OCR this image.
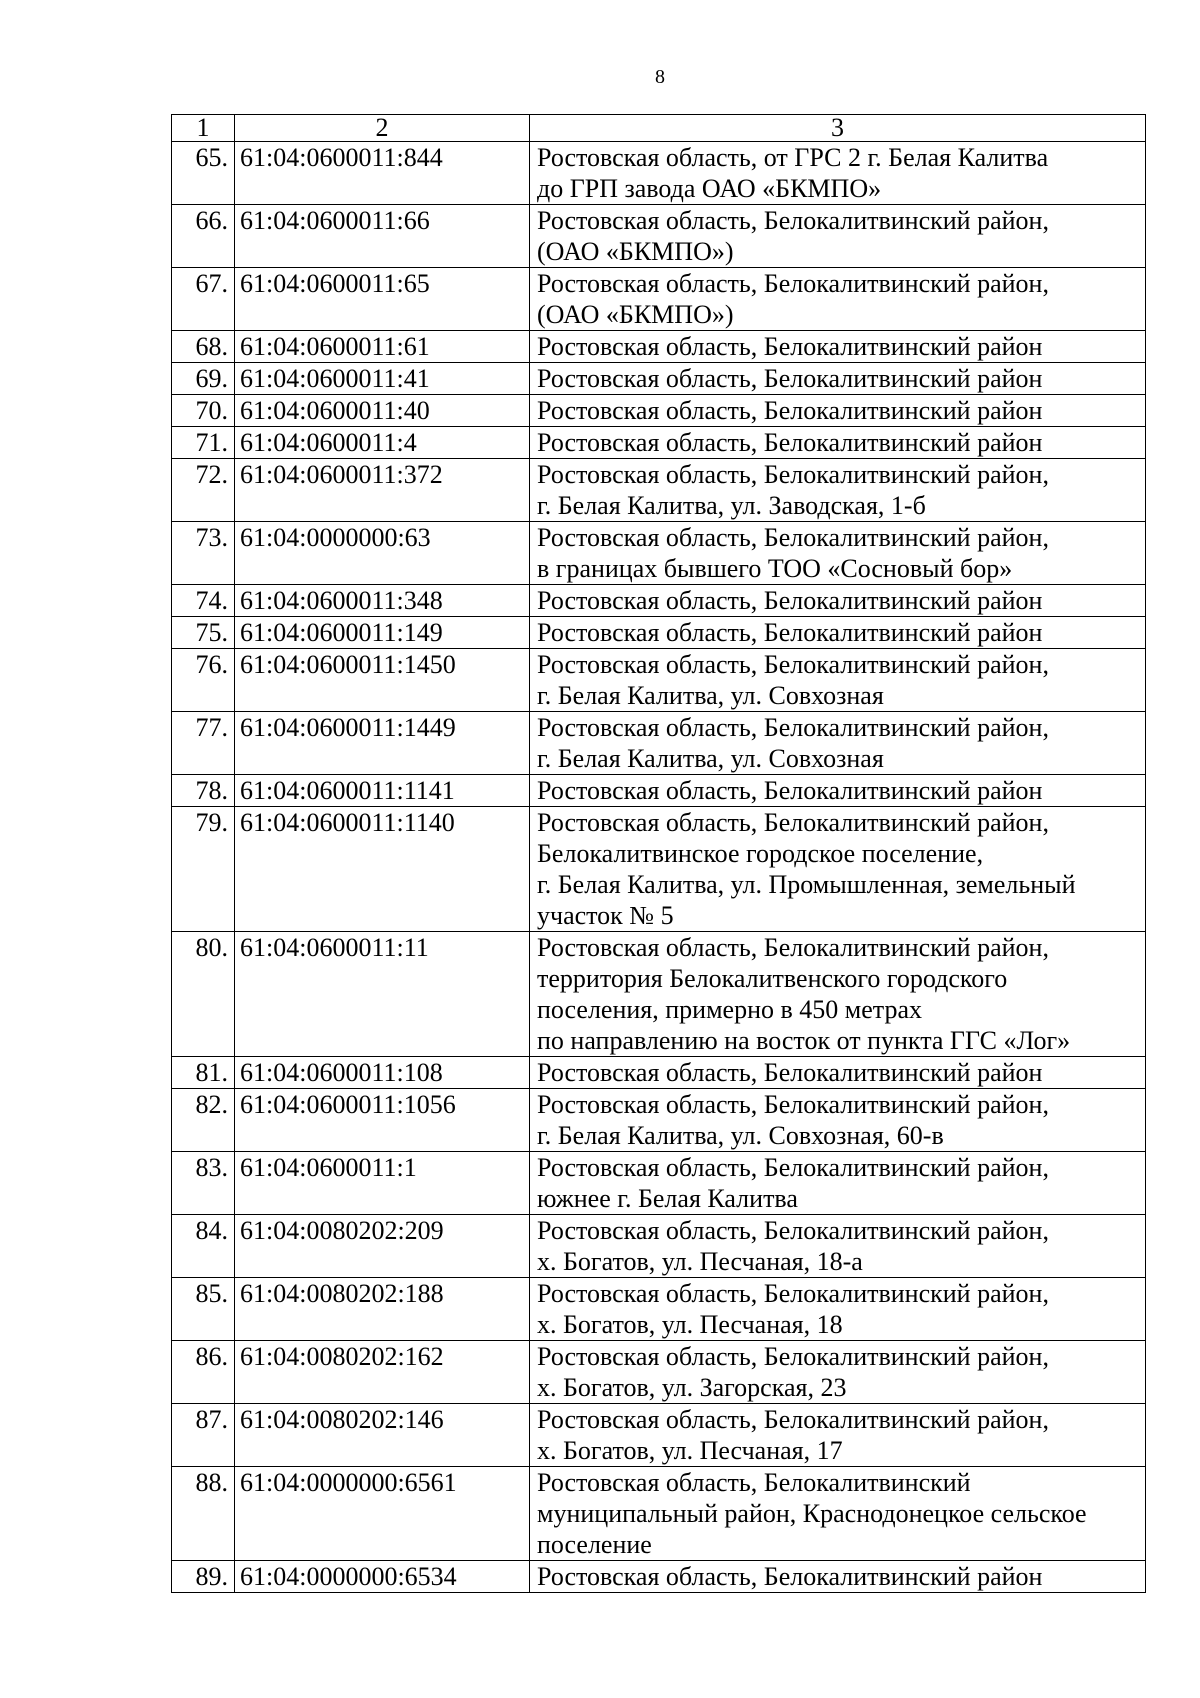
8
1	2	3
65.	61:04:0600011:844	Ростовская область, от ГРС 2 г. Белая Калитва
до ГРП завода ОАО «БКМПО»

66.	61:04:0600011:66	Ростовская область, Белокалитвинский район,
(ОАО «БКМПО»)

67.	61:04:0600011:65	Ростовская область, Белокалитвинский район,
(ОАО «БКМПО»)

68.	61:04:0600011:61	Ростовская область, Белокалитвинский район

69.	61:04:0600011:41	Ростовская область, Белокалитвинский район

70.	61:04:0600011:40	Ростовская область, Белокалитвинский район

71.	61:04:0600011:4	Ростовская область, Белокалитвинский район

72.	61:04:0600011:372	Ростовская область, Белокалитвинский район,
г. Белая Калитва, ул. Заводская, 1-б

73.	61:04:0000000:63	Ростовская область, Белокалитвинский район,
в границах бывшего ТОО «Сосновый бор»

74.	61:04:0600011:348	Ростовская область, Белокалитвинский район

75.	61:04:0600011:149	Ростовская область, Белокалитвинский район

76.	61:04:0600011:1450	Ростовская область, Белокалитвинский район,
г. Белая Калитва, ул. Совхозная

77.	61:04:0600011:1449	Ростовская область, Белокалитвинский район,
г. Белая Калитва, ул. Совхозная

78.	61:04:0600011:1141	Ростовская область, Белокалитвинский район

79.	61:04:0600011:1140	Ростовская область, Белокалитвинский район,
Белокалитвинское городское поселение,
г. Белая Калитва, ул. Промышленная, земельный
участок № 5

80.	61:04:0600011:11	Ростовская область, Белокалитвинский район,
территория Белокалитвенского городского
поселения, примерно в 450 метрах
по направлению на восток от пункта ГГС «Лог»

81.	61:04:0600011:108	Ростовская область, Белокалитвинский район

82.	61:04:0600011:1056	Ростовская область, Белокалитвинский район,
г. Белая Калитва, ул. Совхозная, 60-в

83.	61:04:0600011:1	Ростовская область, Белокалитвинский район,
южнее г. Белая Калитва

84.	61:04:0080202:209	Ростовская область, Белокалитвинский район,
х. Богатов, ул. Песчаная, 18-а

85.	61:04:0080202:188	Ростовская область, Белокалитвинский район,
х. Богатов, ул. Песчаная, 18

86.	61:04:0080202:162	Ростовская область, Белокалитвинский район,
х. Богатов, ул. Загорская, 23

87.	61:04:0080202:146	Ростовская область, Белокалитвинский район,
х. Богатов, ул. Песчаная, 17

88.	61:04:0000000:6561	Ростовская область, Белокалитвинский
муниципальный район, Краснодонецкое сельское
поселение

89.	61:04:0000000:6534	Ростовская область, Белокалитвинский район
